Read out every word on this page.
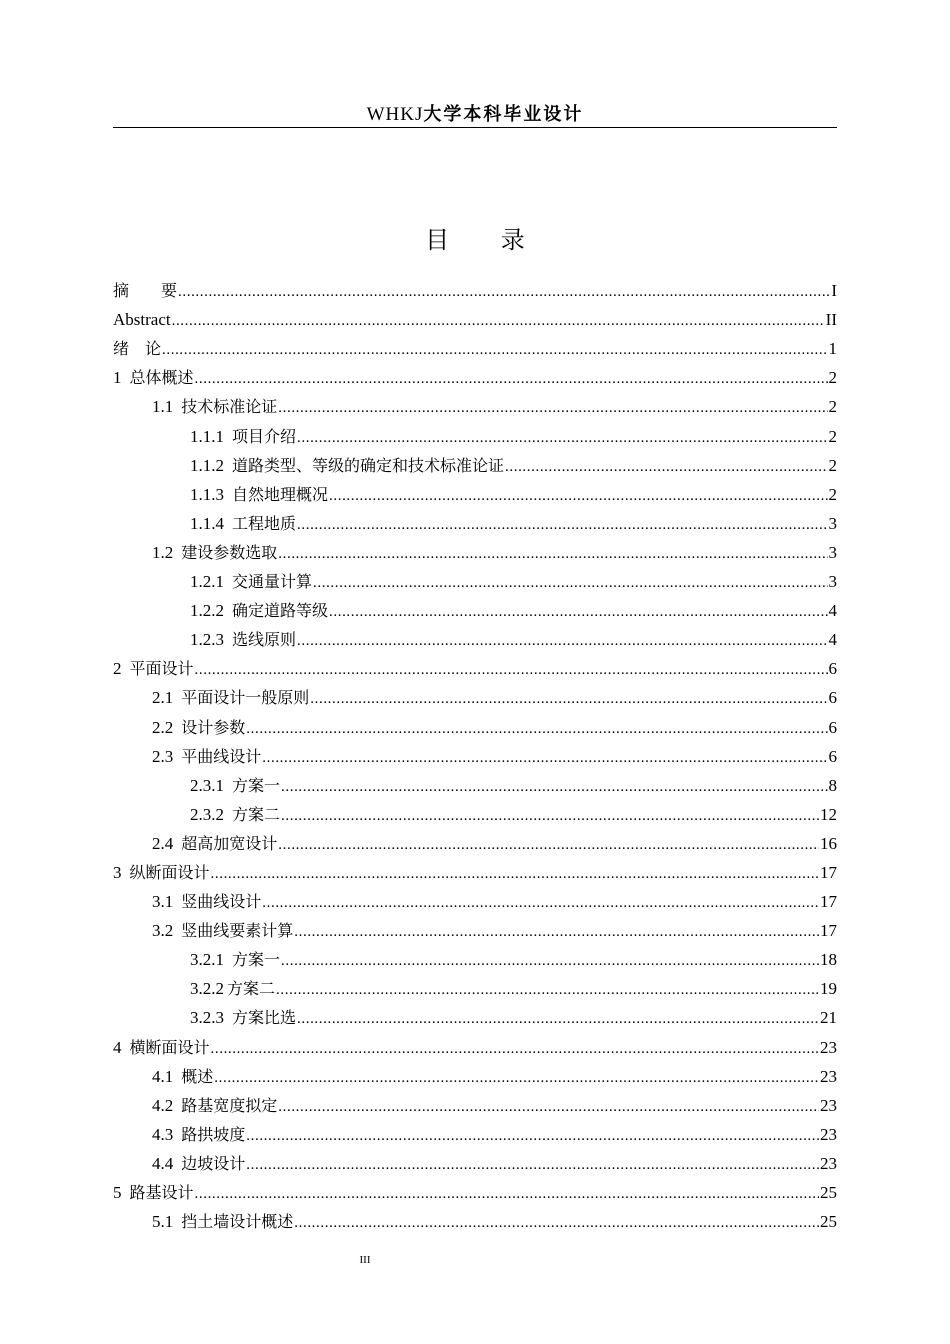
WHKJ大学本科毕业设计
目 录
摘　　要 .....	I
Abstract .....	II
绪　论 .....	1
1 总体概述 .....	2
1.1 技术标准论证 .....	2
1.1.1 项目介绍 .....	2
1.1.2 道路类型、等级的确定和技术标准论证 .....	2
1.1.3 自然地理概况 .....	2
1.1.4 工程地质 .....	3
1.2 建设参数选取 .....	3
1.2.1 交通量计算 .....	3
1.2.2 确定道路等级 .....	4
1.2.3 选线原则 .....	4
2 平面设计 .....	6
2.1 平面设计一般原则 .....	6
2.2 设计参数 .....	6
2.3 平曲线设计 .....	6
2.3.1 方案一 .....	8
2.3.2 方案二 .....	12
2.4 超高加宽设计 .....	16
3 纵断面设计 .....	17
3.1 竖曲线设计 .....	17
3.2 竖曲线要素计算 .....	17
3.2.1 方案一 .....	18
3.2.2 方案二 .....	19
3.2.3 方案比选 .....	21
4 横断面设计 .....	23
4.1 概述 .....	23
4.2 路基宽度拟定 .....	23
4.3 路拱坡度 .....	23
4.4 边坡设计 .....	23
5 路基设计 .....	25
5.1 挡土墙设计概述 .....	25
III
